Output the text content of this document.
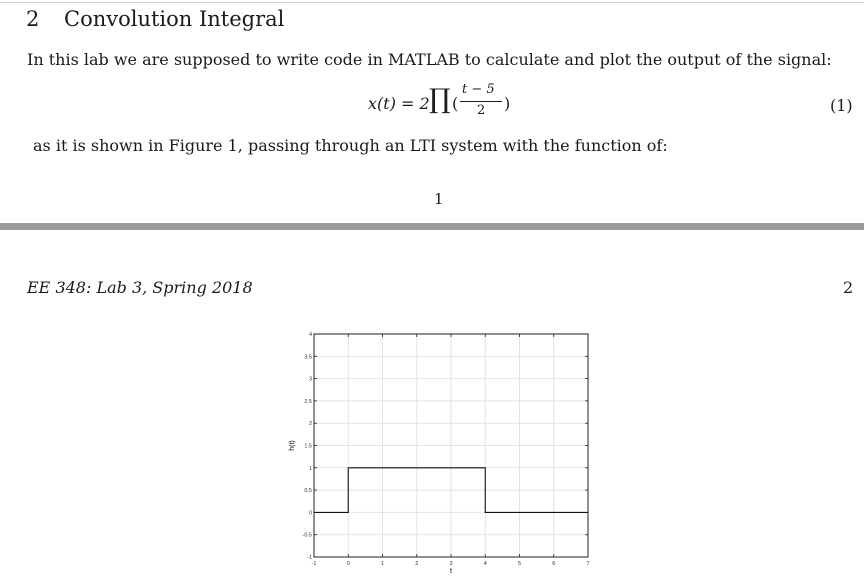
2 Convolution Integral
In this lab we are supposed to write code in MATLAB to calculate and plot the output of the signal:
x(t) = 2 ∏ (
t − 5
2 )	(1)
as it is shown in Figure 1, passing through an LTI system with the function of:
1
EE 348: Lab 3, Spring 2018	2
-1	0	1	2	3	4	5	6	7
-1
-0.5
0
0.5
1
1.5
2
2.5
3
3.5
4
t
h(t)
